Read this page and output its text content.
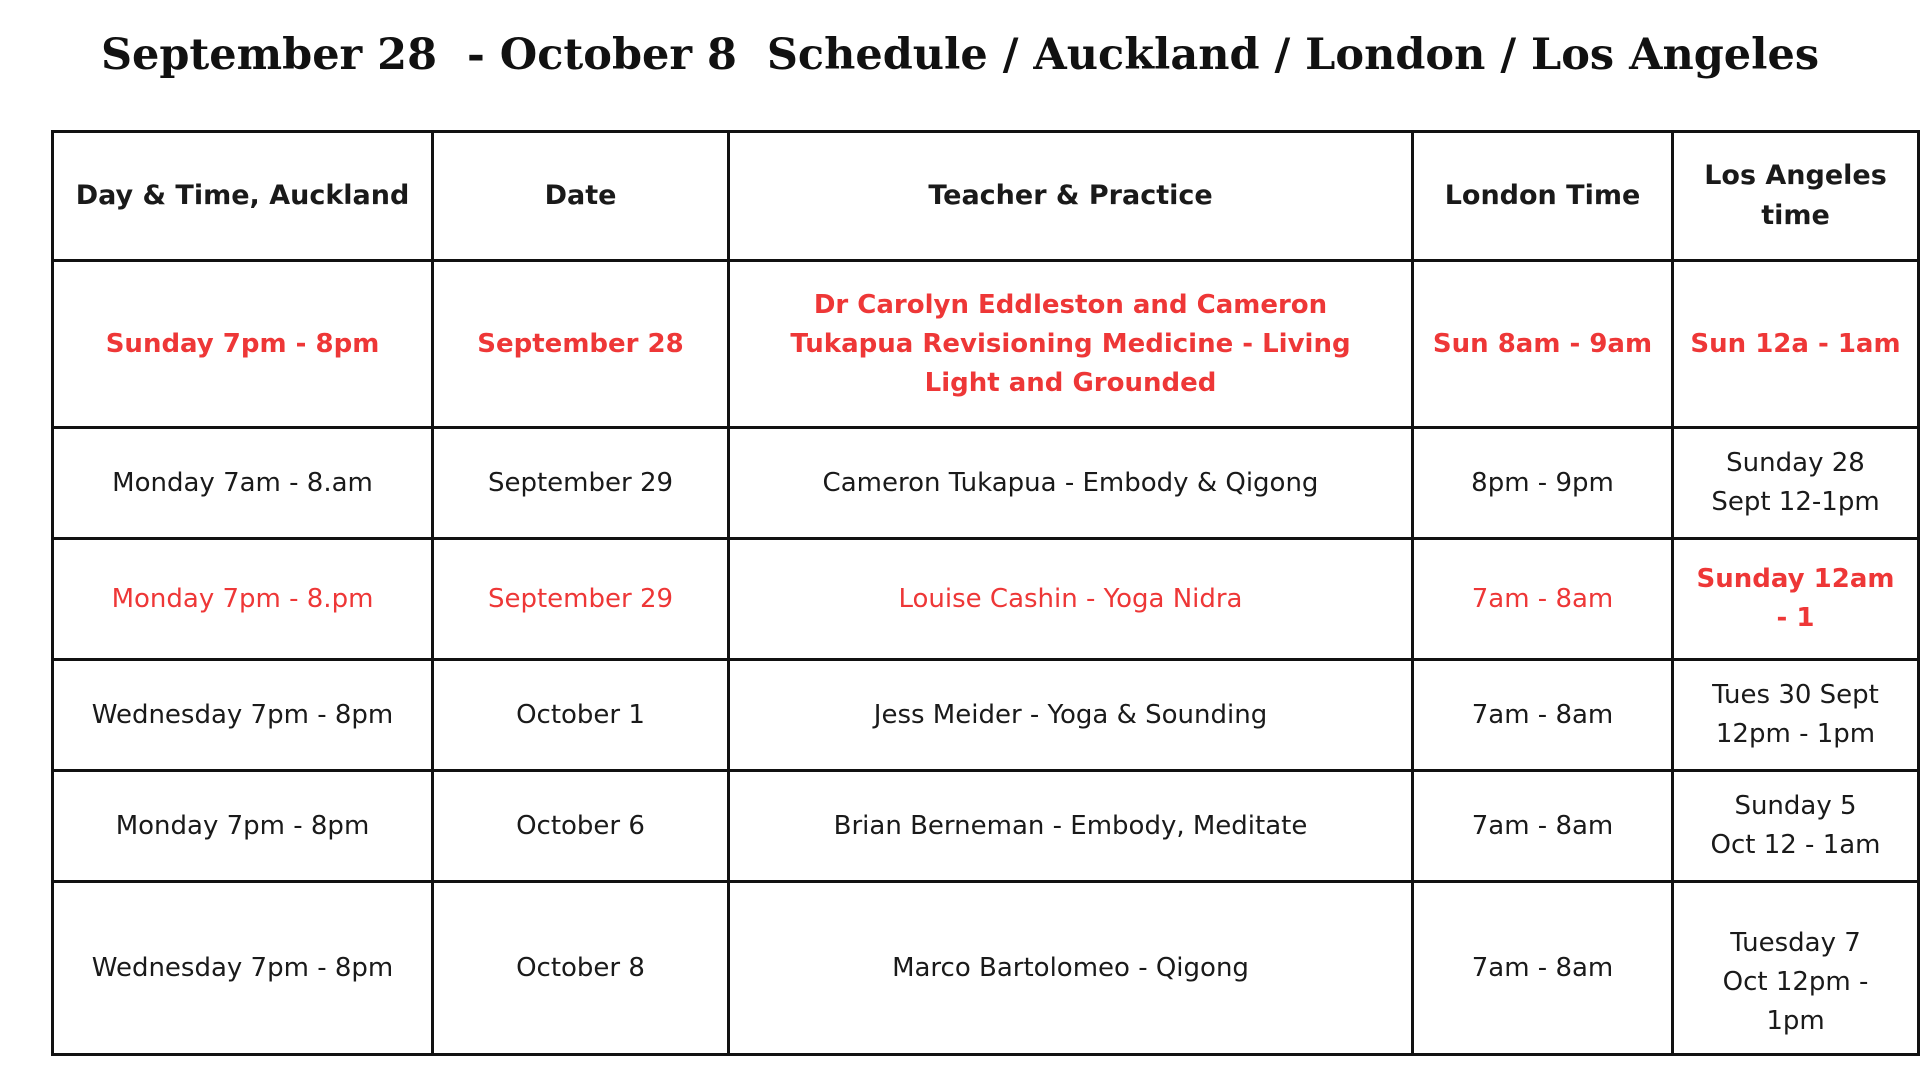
September 28  - October 8  Schedule / Auckland / London / Los Angeles
Day & Time, Auckland	Date	Teacher & Practice	London Time	Los Angeles time
Sunday 7pm - 8pm	September 28	Dr Carolyn Eddleston and Cameron Tukapua Revisioning Medicine - Living Light and Grounded	Sun 8am - 9am	Sun 12a - 1am
Monday 7am - 8.am	September 29	Cameron Tukapua - Embody & Qigong	8pm - 9pm	Sunday 28 Sept 12-1pm
Monday 7pm - 8.pm	September 29	Louise Cashin - Yoga Nidra	7am - 8am	Sunday 12am - 1
Wednesday 7pm - 8pm	October 1	Jess Meider - Yoga & Sounding	7am - 8am	Tues 30 Sept 12pm - 1pm
Monday 7pm - 8pm	October 6	Brian Berneman - Embody, Meditate	7am - 8am	Sunday 5 Oct 12 - 1am
Wednesday 7pm - 8pm	October 8	Marco Bartolomeo - Qigong	7am - 8am	Tuesday 7 Oct 12pm - 1pm
